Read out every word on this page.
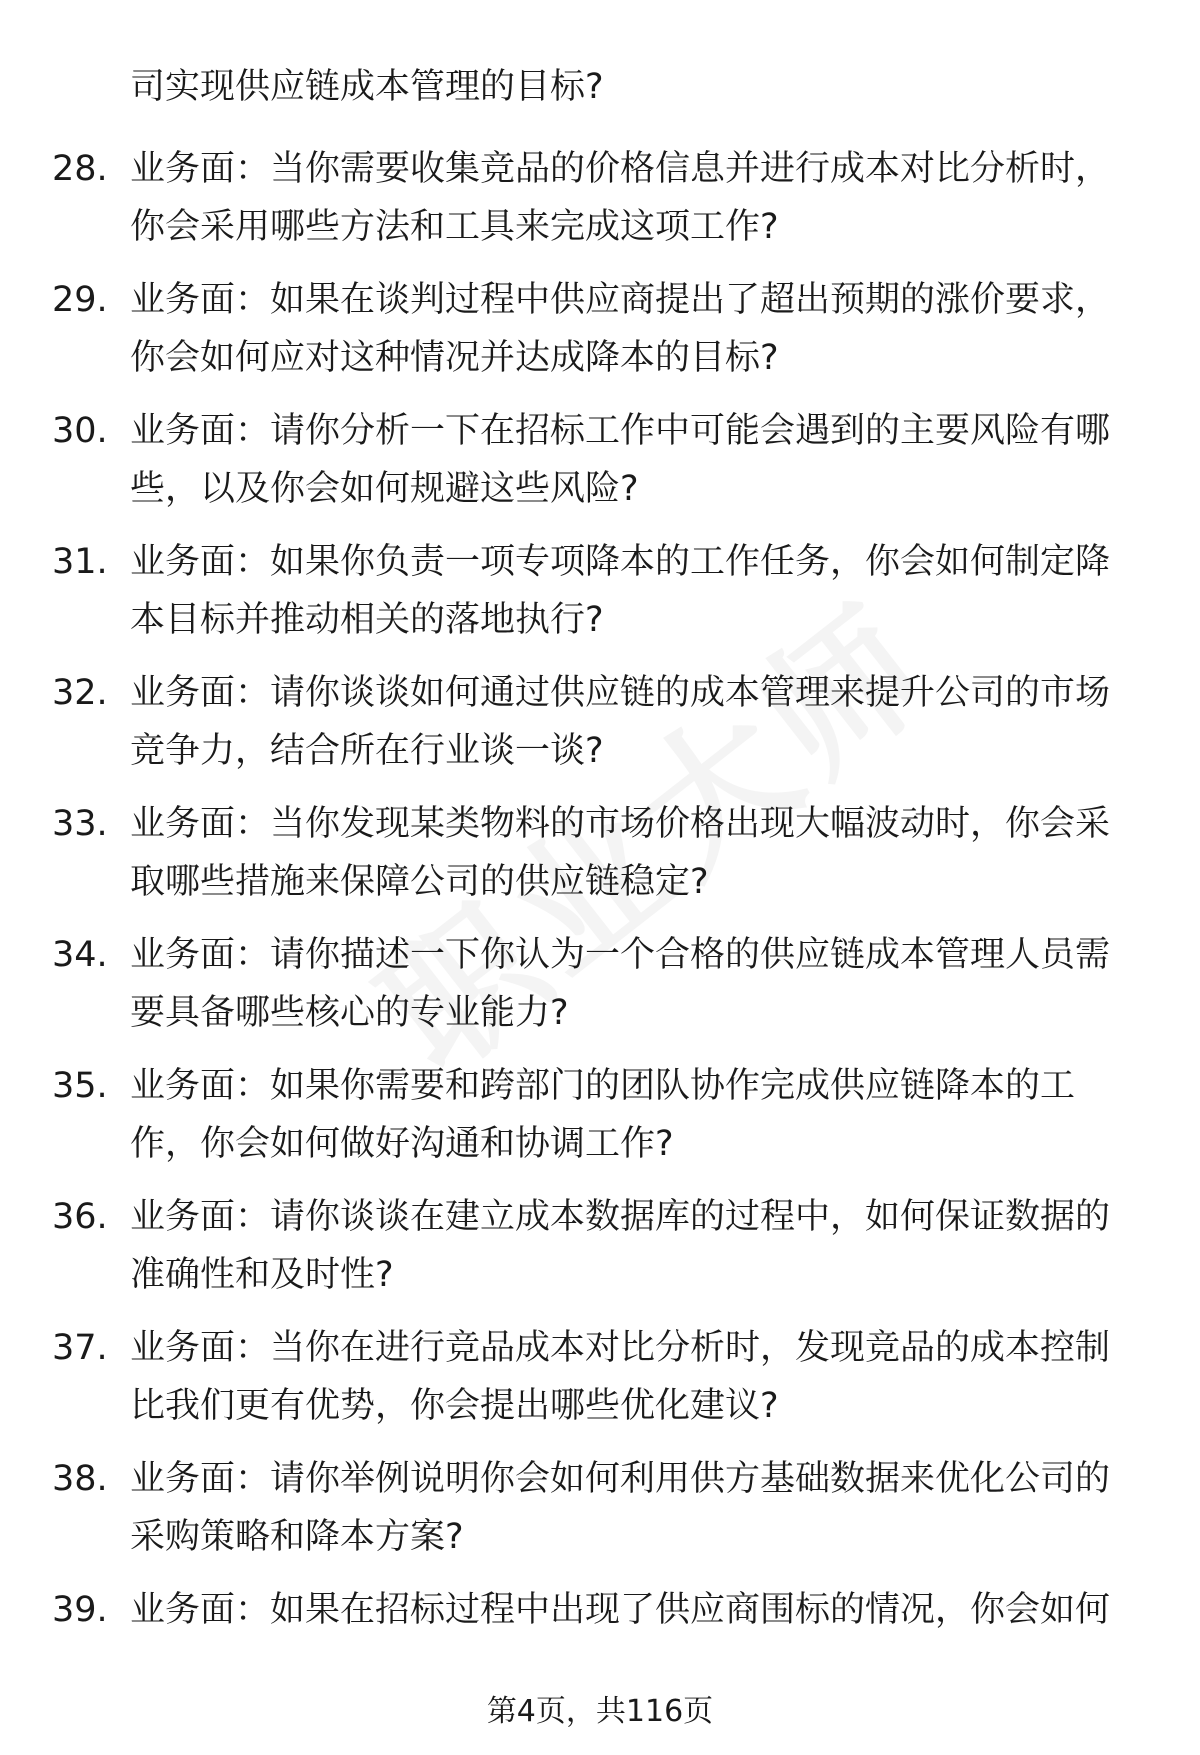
司实现供应链成本管理的目标?

28. 业务面：当你需要收集竞品的价格信息并进行成本对比分析时，你会采用哪些方法和工具来完成这项工作?
29. 业务面：如果在谈判过程中供应商提出了超出预期的涨价要求，你会如何应对这种情况并达成降本的目标?
30. 业务面：请你分析一下在招标工作中可能会遇到的主要风险有哪些，以及你会如何规避这些风险?
31. 业务面：如果你负责一项专项降本的工作任务，你会如何制定降本目标并推动相关的落地执行?
32. 业务面：请你谈谈如何通过供应链的成本管理来提升公司的市场竞争力，结合所在行业谈一谈?
33. 业务面：当你发现某类物料的市场价格出现大幅波动时，你会采取哪些措施来保障公司的供应链稳定?
34. 业务面：请你描述一下你认为一个合格的供应链成本管理人员需要具备哪些核心的专业能力?
35. 业务面：如果你需要和跨部门的团队协作完成供应链降本的工作，你会如何做好沟通和协调工作?
36. 业务面：请你谈谈在建立成本数据库的过程中，如何保证数据的准确性和及时性?
37. 业务面：当你在进行竞品成本对比分析时，发现竞品的成本控制比我们更有优势，你会提出哪些优化建议?
38. 业务面：请你举例说明你会如何利用供方基础数据来优化公司的采购策略和降本方案?
39. 业务面：如果在招标过程中出现了供应商围标的情况，你会如何
第4页，共116页
